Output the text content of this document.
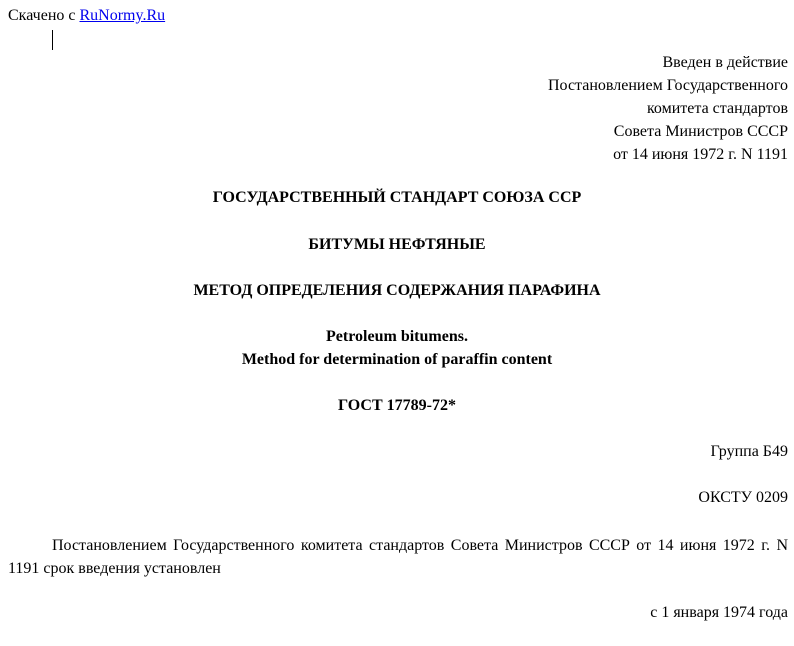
Скачено с RuNormy.Ru
Введен в действие
Постановлением Государственного
комитета стандартов
Совета Министров СССР
от 14 июня 1972 г. N 1191
ГОСУДАРСТВЕННЫЙ СТАНДАРТ СОЮЗА ССР
БИТУМЫ НЕФТЯНЫЕ
МЕТОД ОПРЕДЕЛЕНИЯ СОДЕРЖАНИЯ ПАРАФИНА
Petroleum bitumens.
Method for determination of paraffin content
ГОСТ 17789-72*
Группа Б49
ОКСТУ 0209
Постановлением Государственного комитета стандартов Совета Министров СССР от 14 июня 1972 г. N 1191 срок введения установлен
с 1 января 1974 года
